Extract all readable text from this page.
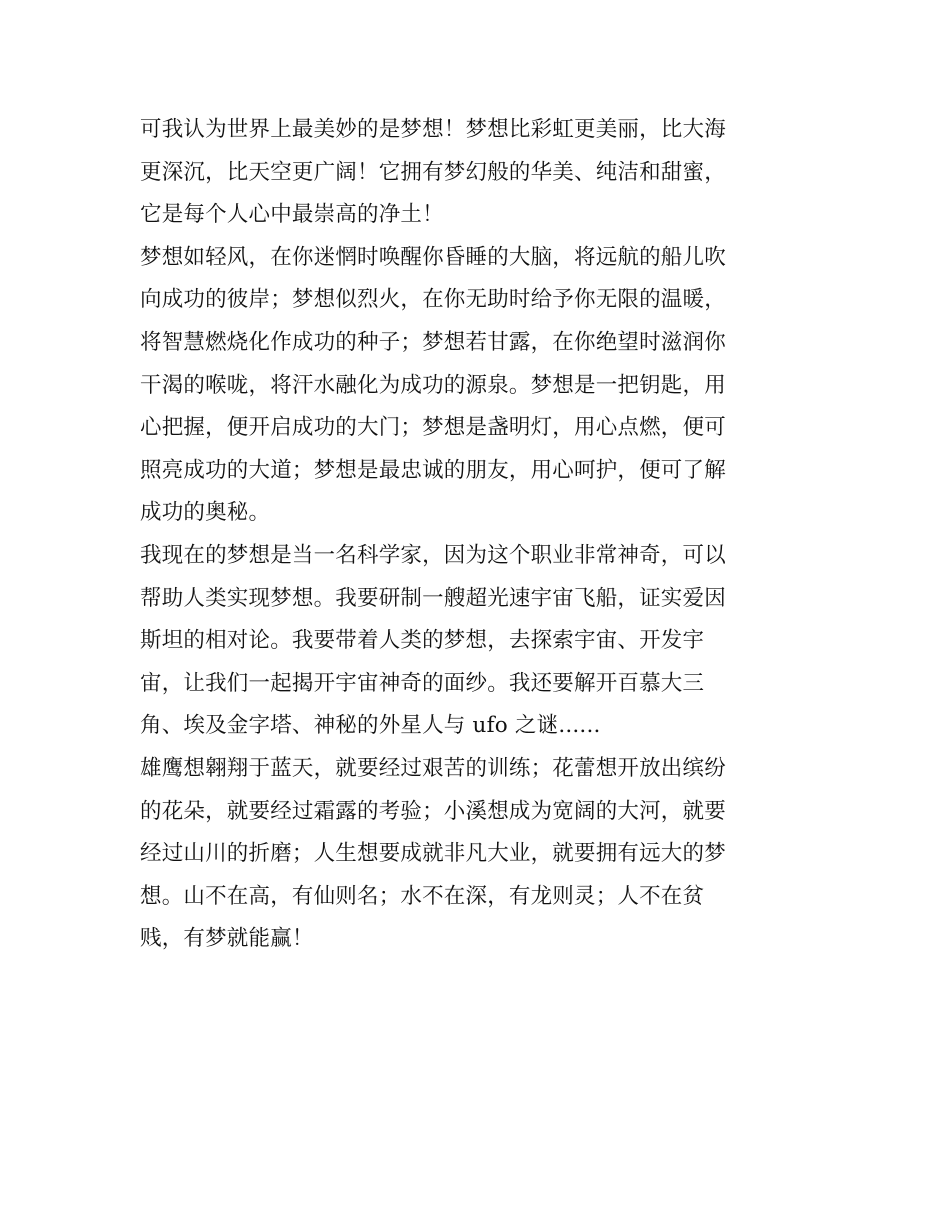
可我认为世界上最美妙的是梦想！梦想比彩虹更美丽，比大海
更深沉，比天空更广阔！它拥有梦幻般的华美、纯洁和甜蜜，
它是每个人心中最崇高的净土！
梦想如轻风，在你迷惘时唤醒你昏睡的大脑，将远航的船儿吹
向成功的彼岸；梦想似烈火，在你无助时给予你无限的温暖，
将智慧燃烧化作成功的种子；梦想若甘露，在你绝望时滋润你
干渴的喉咙，将汗水融化为成功的源泉。梦想是一把钥匙，用
心把握，便开启成功的大门；梦想是盏明灯，用心点燃，便可
照亮成功的大道；梦想是最忠诚的朋友，用心呵护，便可了解
成功的奥秘。
我现在的梦想是当一名科学家，因为这个职业非常神奇，可以
帮助人类实现梦想。我要研制一艘超光速宇宙飞船，证实爱因
斯坦的相对论。我要带着人类的梦想，去探索宇宙、开发宇
宙，让我们一起揭开宇宙神奇的面纱。我还要解开百慕大三
角、埃及金字塔、神秘的外星人与 ufo 之谜......
雄鹰想翱翔于蓝天，就要经过艰苦的训练；花蕾想开放出缤纷
的花朵，就要经过霜露的考验；小溪想成为宽阔的大河，就要
经过山川的折磨；人生想要成就非凡大业，就要拥有远大的梦
想。山不在高，有仙则名；水不在深，有龙则灵；人不在贫
贱，有梦就能赢！
